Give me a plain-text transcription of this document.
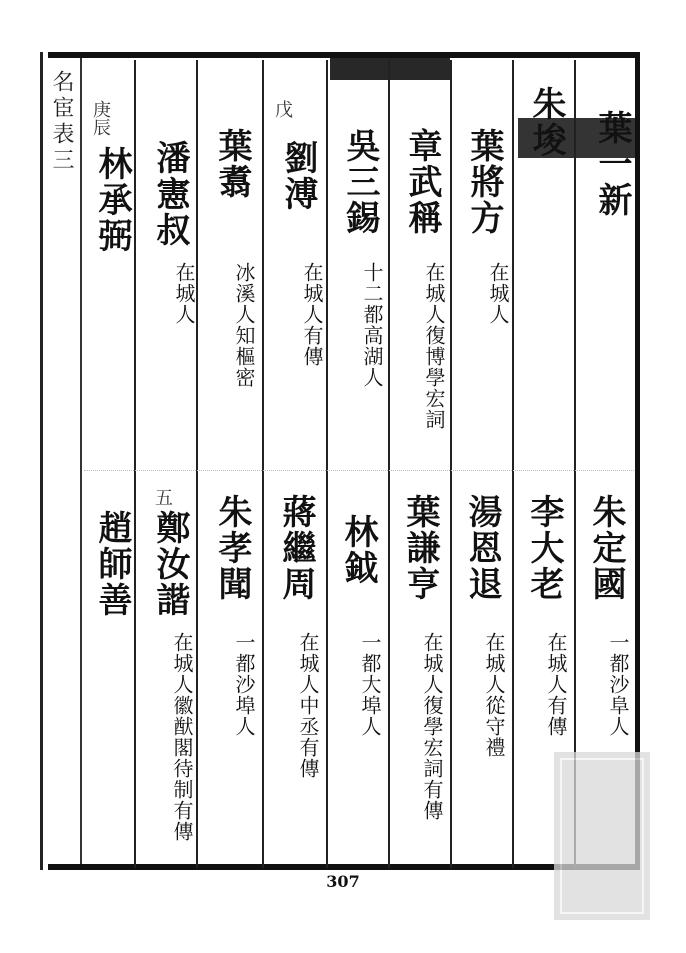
名宦表三	葉一新
朱埈
葉將方
在城人
章武稱
在城人復博學宏詞
吳三錫
十二都高湖人
戊
劉溥
在城人有傳
葉翥
冰溪人知樞密
潘憲叔
在城人
庚辰
林承弼
朱定國
一都沙阜人
李大老
在城人有傳
湯恩退
在城人從守禮
葉謙亨
在城人復學宏詞有傳
林鉞
一都大埠人
蔣繼周
在城人中丞有傳
朱孝聞
一都沙埠人
五
鄭汝諧
在城人徽猷閣待制有傳
趙師善
307
